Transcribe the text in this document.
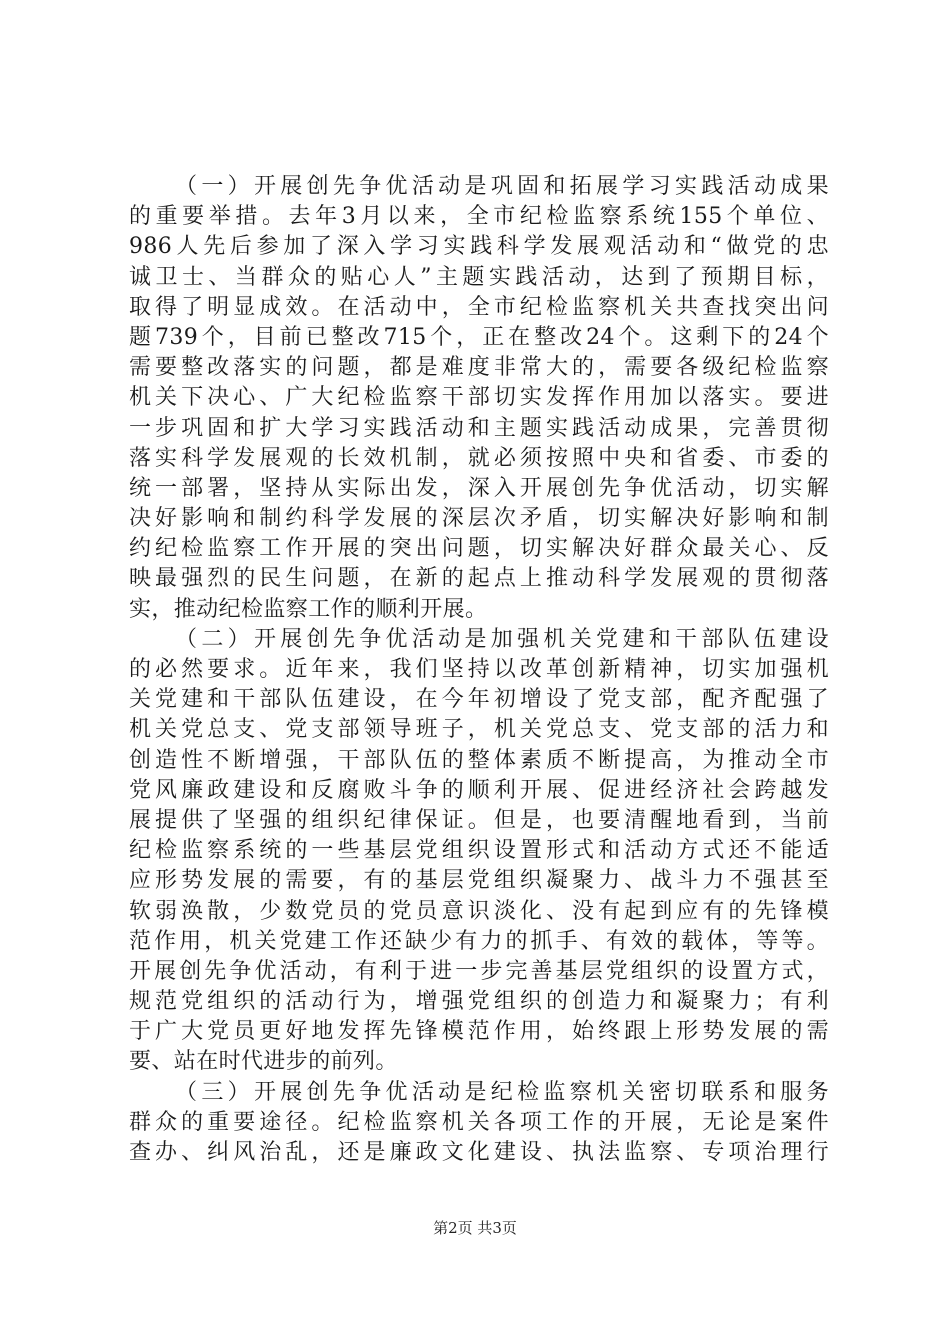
（一）开展创先争优活动是巩固和拓展学习实践活动成果
的重要举措。去年3月以来，全市纪检监察系统155个单位、
986人先后参加了深入学习实践科学发展观活动和“做党的忠
诚卫士、当群众的贴心人”主题实践活动，达到了预期目标，
取得了明显成效。在活动中，全市纪检监察机关共查找突出问
题739个，目前已整改715个，正在整改24个。这剩下的24个
需要整改落实的问题，都是难度非常大的，需要各级纪检监察
机关下决心、广大纪检监察干部切实发挥作用加以落实。要进
一步巩固和扩大学习实践活动和主题实践活动成果，完善贯彻
落实科学发展观的长效机制，就必须按照中央和省委、市委的
统一部署，坚持从实际出发，深入开展创先争优活动，切实解
决好影响和制约科学发展的深层次矛盾，切实解决好影响和制
约纪检监察工作开展的突出问题，切实解决好群众最关心、反
映最强烈的民生问题，在新的起点上推动科学发展观的贯彻落
实，推动纪检监察工作的顺利开展。
（二）开展创先争优活动是加强机关党建和干部队伍建设
的必然要求。近年来，我们坚持以改革创新精神，切实加强机
关党建和干部队伍建设，在今年初增设了党支部，配齐配强了
机关党总支、党支部领导班子，机关党总支、党支部的活力和
创造性不断增强，干部队伍的整体素质不断提高，为推动全市
党风廉政建设和反腐败斗争的顺利开展、促进经济社会跨越发
展提供了坚强的组织纪律保证。但是，也要清醒地看到，当前
纪检监察系统的一些基层党组织设置形式和活动方式还不能适
应形势发展的需要，有的基层党组织凝聚力、战斗力不强甚至
软弱涣散，少数党员的党员意识淡化、没有起到应有的先锋模
范作用，机关党建工作还缺少有力的抓手、有效的载体，等等。
开展创先争优活动，有利于进一步完善基层党组织的设置方式，
规范党组织的活动行为，增强党组织的创造力和凝聚力；有利
于广大党员更好地发挥先锋模范作用，始终跟上形势发展的需
要、站在时代进步的前列。
（三）开展创先争优活动是纪检监察机关密切联系和服务
群众的重要途径。纪检监察机关各项工作的开展，无论是案件
查办、纠风治乱，还是廉政文化建设、执法监察、专项治理行
第2页 共3页
